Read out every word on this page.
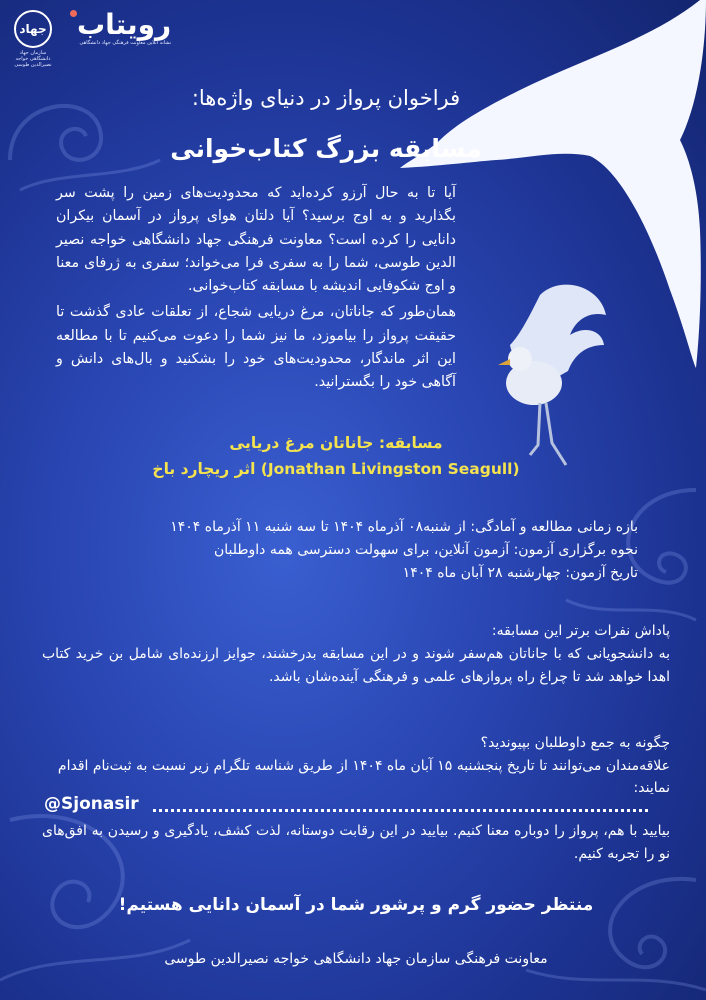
جهاد
سازمان جهاد دانشگاهی خواجه نصیرالدین طوسی
رویتاب
نشانه آنلاین معاونت فرهنگی جهاد دانشگاهی
فراخوان پرواز در دنیای واژه‌ها:
مسابقه بزرگ کتاب‌خوانی

آیا تا به حال آرزو کرده‌اید که محدودیت‌های زمین را پشت سر بگذارید و به اوج برسید؟ آیا دلتان هوای پرواز در آسمان بیکران دانایی را کرده است؟ معاونت فرهنگی جهاد دانشگاهی خواجه نصیر الدین طوسی، شما را به سفری فرا می‌خواند؛ سفری به ژرفای معنا و اوج شکوفایی اندیشه با مسابقه کتاب‌خوانی.

همان‌طور که جاناتان، مرغ دریایی شجاع، از تعلقات عادی گذشت تا حقیقت پرواز را بیاموزد، ما نیز شما را دعوت می‌کنیم تا با مطالعه این اثر ماندگار، محدودیت‌های خود را بشکنید و بال‌های دانش و آگاهی خود را بگسترانید.

مسابقه: جاناتان مرغ دریایی
(Jonathan Livingston Seagull) اثر ریچارد باخ
بازه زمانی مطالعه و آمادگی: از شنبه۰۸ آذرماه ۱۴۰۴ تا سه شنبه ۱۱ آذرماه ۱۴۰۴
نحوه برگزاری آزمون: آزمون آنلاین، برای سهولت دسترسی همه داوطلبان
تاریخ آزمون: چهارشنبه ۲۸ آبان ماه ۱۴۰۴

پاداش نفرات برتر این مسابقه:

به دانشجویانی که با جاناتان هم‌سفر شوند و در این مسابقه بدرخشند، جوایز ارزنده‌ای شامل بن خرید کتاب اهدا خواهد شد تا چراغ راه پروازهای علمی و فرهنگی آینده‌شان باشد.

چگونه به جمع داوطلبان بپیوندید؟

علاقه‌مندان می‌توانند تا تاریخ پنجشنبه ۱۵ آبان ماه ۱۴۰۴ از طریق شناسه تلگرام زیر نسبت به ثبت‌نام اقدام نمایند:

@Sjonasir

بیایید با هم، پرواز را دوباره معنا کنیم. بیایید در این رقابت دوستانه، لذت کشف، یادگیری و رسیدن به افق‌های نو را تجربه کنیم.

منتظر حضور گرم و پرشور شما در آسمان دانایی هستیم!
معاونت فرهنگی سازمان جهاد دانشگاهی خواجه نصیرالدین طوسی
